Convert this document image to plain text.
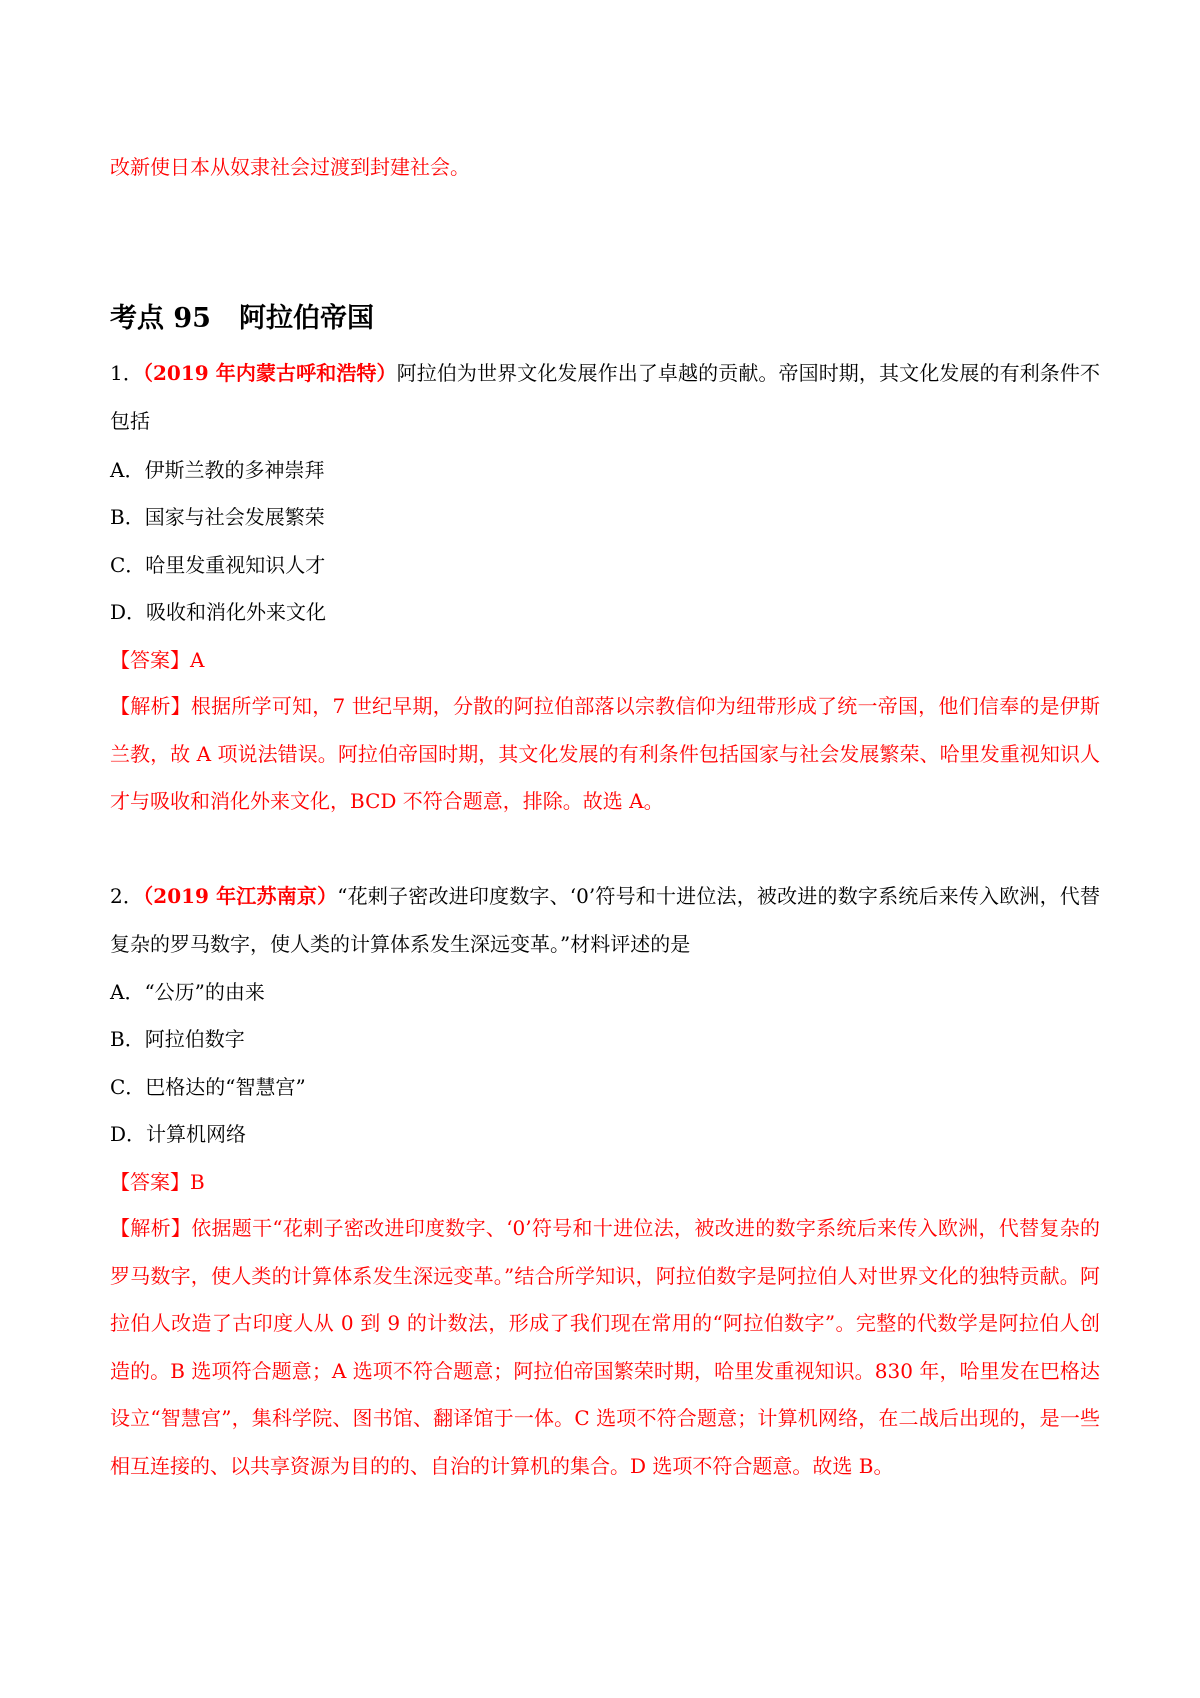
改新使日本从奴隶社会过渡到封建社会。
考点 95 阿拉伯帝国
1．（2019 年内蒙古呼和浩特）阿拉伯为世界文化发展作出了卓越的贡献。帝国时期，其文化发展的有利条件不包括
A．伊斯兰教的多神崇拜
B．国家与社会发展繁荣
C．哈里发重视知识人才
D．吸收和消化外来文化
【答案】A
【解析】根据所学可知，7 世纪早期，分散的阿拉伯部落以宗教信仰为纽带形成了统一帝国，他们信奉的是伊斯兰教，故 A 项说法错误。阿拉伯帝国时期，其文化发展的有利条件包括国家与社会发展繁荣、哈里发重视知识人才与吸收和消化外来文化，BCD 不符合题意，排除。故选 A。
2．（2019 年江苏南京）“花剌子密改进印度数字、‘0’符号和十进位法，被改进的数字系统后来传入欧洲，代替复杂的罗马数字，使人类的计算体系发生深远变革。”材料评述的是
A．“公历”的由来
B．阿拉伯数字
C．巴格达的“智慧宫”
D．计算机网络
【答案】B
【解析】依据题干“花剌子密改进印度数字、‘0’符号和十进位法，被改进的数字系统后来传入欧洲，代替复杂的罗马数字，使人类的计算体系发生深远变革。”结合所学知识，阿拉伯数字是阿拉伯人对世界文化的独特贡献。阿拉伯人改造了古印度人从 0 到 9 的计数法，形成了我们现在常用的“阿拉伯数字”。完整的代数学是阿拉伯人创造的。B 选项符合题意；A 选项不符合题意；阿拉伯帝国繁荣时期，哈里发重视知识。830 年，哈里发在巴格达设立“智慧宫”，集科学院、图书馆、翻译馆于一体。C 选项不符合题意；计算机网络，在二战后出现的，是一些相互连接的、以共享资源为目的的、自治的计算机的集合。D 选项不符合题意。故选 B。
